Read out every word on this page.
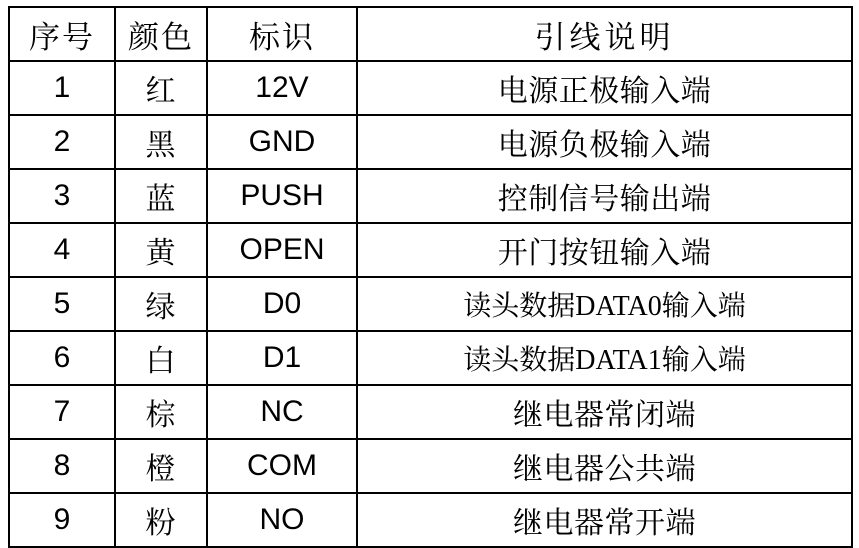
序号	颜色	标识	引线说明
1	红	12V	电源正极输入端
2	黑	GND	电源负极输入端
3	蓝	PUSH	控制信号输出端
4	黄	OPEN	开门按钮输入端
5	绿	D0	读头数据DATA0输入端
6	白	D1	读头数据DATA1输入端
7	棕	NC	继电器常闭端
8	橙	COM	继电器公共端
9	粉	NO	继电器常开端
